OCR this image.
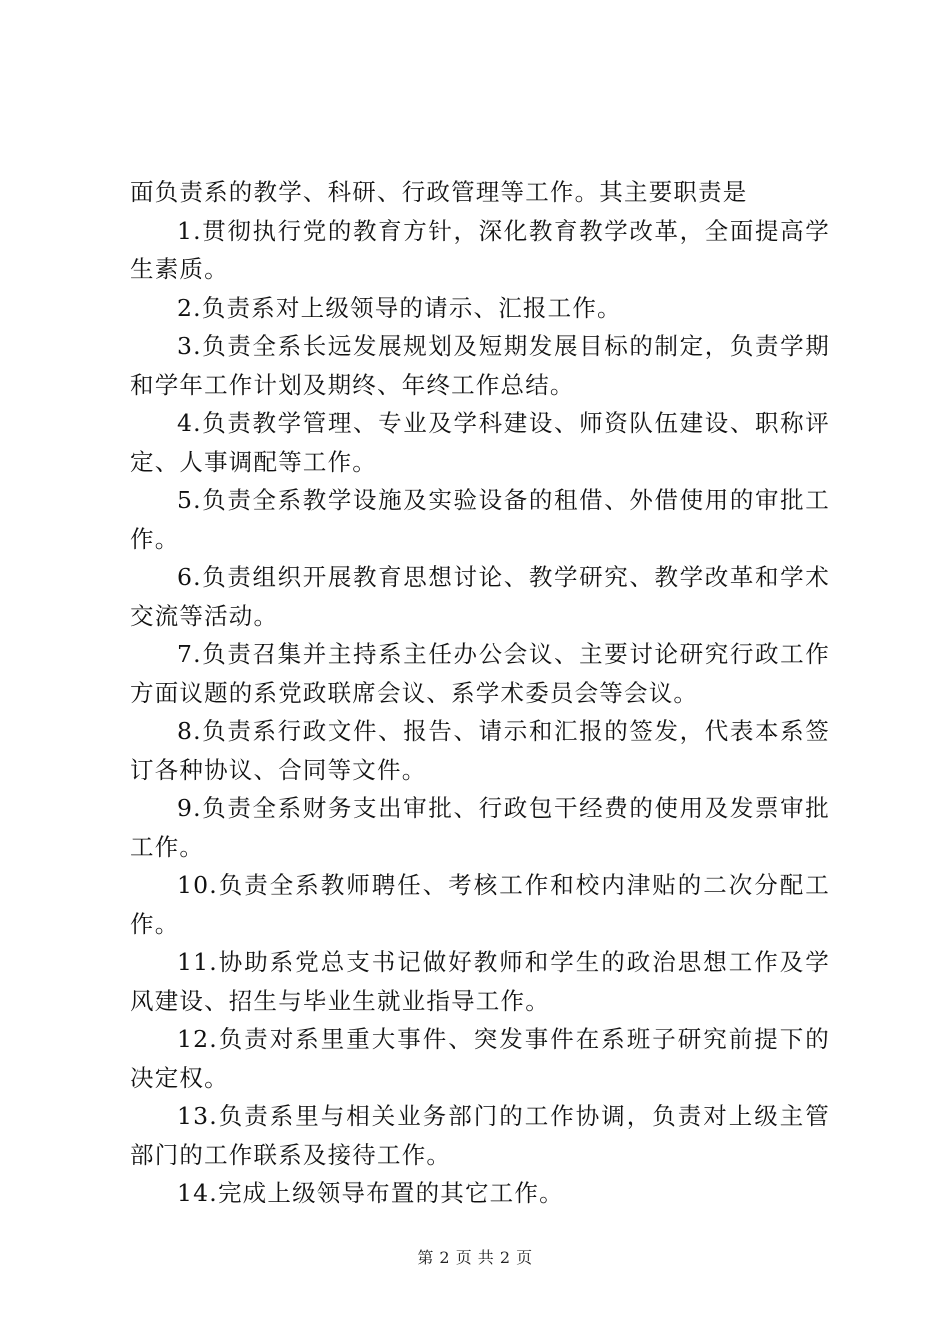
面负责系的教学、科研、行政管理等工作。其主要职责是

1.贯彻执行党的教育方针，深化教育教学改革，全面提高学生素质。

2.负责系对上级领导的请示、汇报工作。

3.负责全系长远发展规划及短期发展目标的制定，负责学期和学年工作计划及期终、年终工作总结。

4.负责教学管理、专业及学科建设、师资队伍建设、职称评定、人事调配等工作。

5.负责全系教学设施及实验设备的租借、外借使用的审批工作。

6.负责组织开展教育思想讨论、教学研究、教学改革和学术交流等活动。

7.负责召集并主持系主任办公会议、主要讨论研究行政工作方面议题的系党政联席会议、系学术委员会等会议。

8.负责系行政文件、报告、请示和汇报的签发，代表本系签订各种协议、合同等文件。

9.负责全系财务支出审批、行政包干经费的使用及发票审批工作。

10.负责全系教师聘任、考核工作和校内津贴的二次分配工作。

11.协助系党总支书记做好教师和学生的政治思想工作及学风建设、招生与毕业生就业指导工作。

12.负责对系里重大事件、突发事件在系班子研究前提下的决定权。

13.负责系里与相关业务部门的工作协调，负责对上级主管部门的工作联系及接待工作。

14.完成上级领导布置的其它工作。

第 2 页 共 2 页
